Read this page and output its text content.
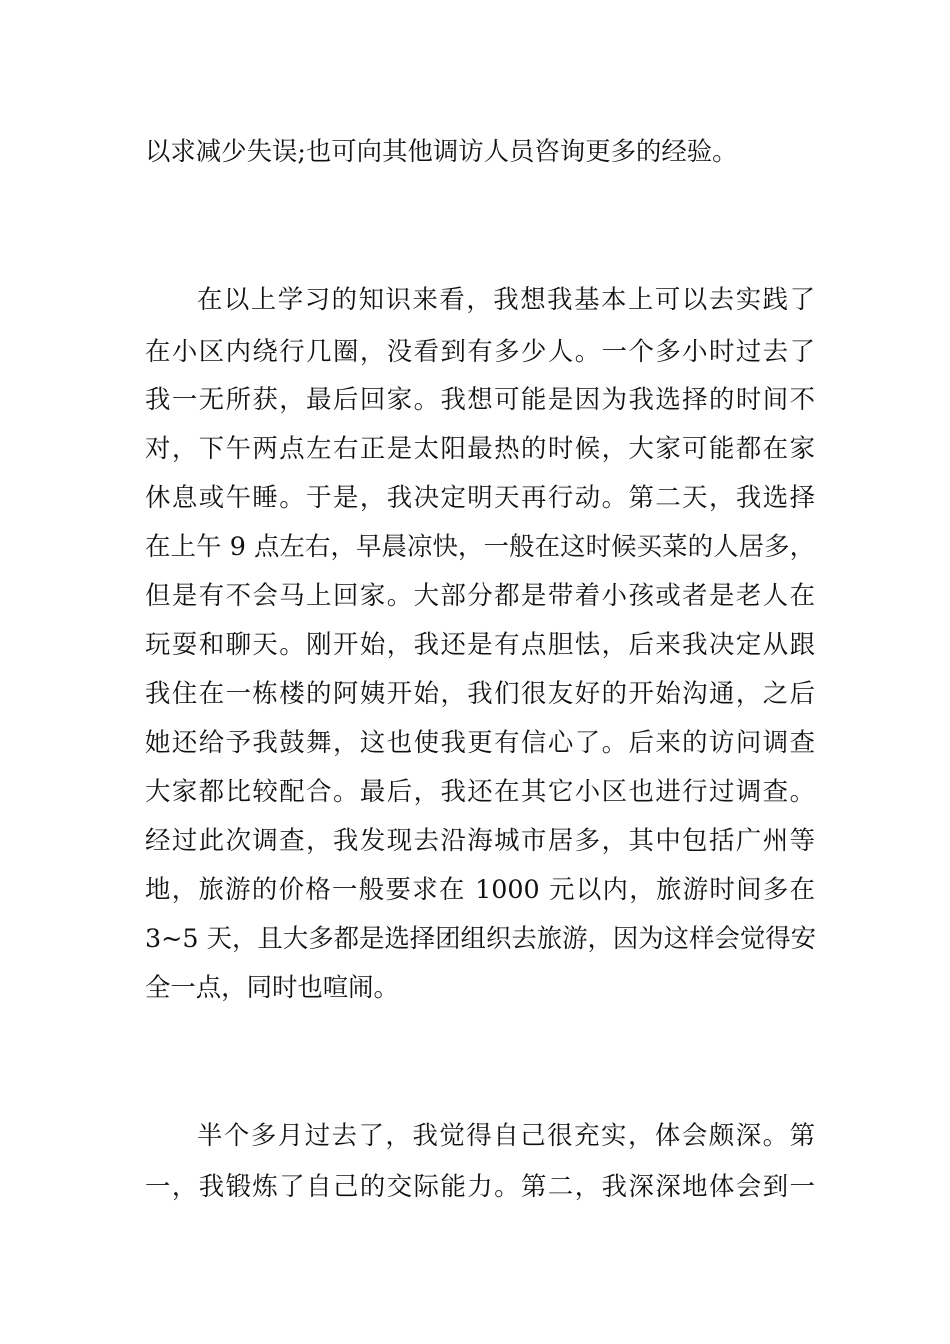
以求减少失误;也可向其他调访人员咨询更多的经验。
在以上学习的知识来看，我想我基本上可以去实践了
在小区内绕行几圈，没看到有多少人。一个多小时过去了
我一无所获，最后回家。我想可能是因为我选择的时间不
对，下午两点左右正是太阳最热的时候，大家可能都在家
休息或午睡。于是，我决定明天再行动。第二天，我选择
在上午 9 点左右，早晨凉快，一般在这时候买菜的人居多，
但是有不会马上回家。大部分都是带着小孩或者是老人在
玩耍和聊天。刚开始，我还是有点胆怯，后来我决定从跟
我住在一栋楼的阿姨开始，我们很友好的开始沟通，之后
她还给予我鼓舞，这也使我更有信心了。后来的访问调查
大家都比较配合。最后，我还在其它小区也进行过调查。
经过此次调查，我发现去沿海城市居多，其中包括广州等
地，旅游的价格一般要求在 1000 元以内，旅游时间多在
3~5 天，且大多都是选择团组织去旅游，因为这样会觉得安
全一点，同时也喧闹。
半个多月过去了，我觉得自己很充实，体会颇深。第
一，我锻炼了自己的交际能力。第二，我深深地体会到一
